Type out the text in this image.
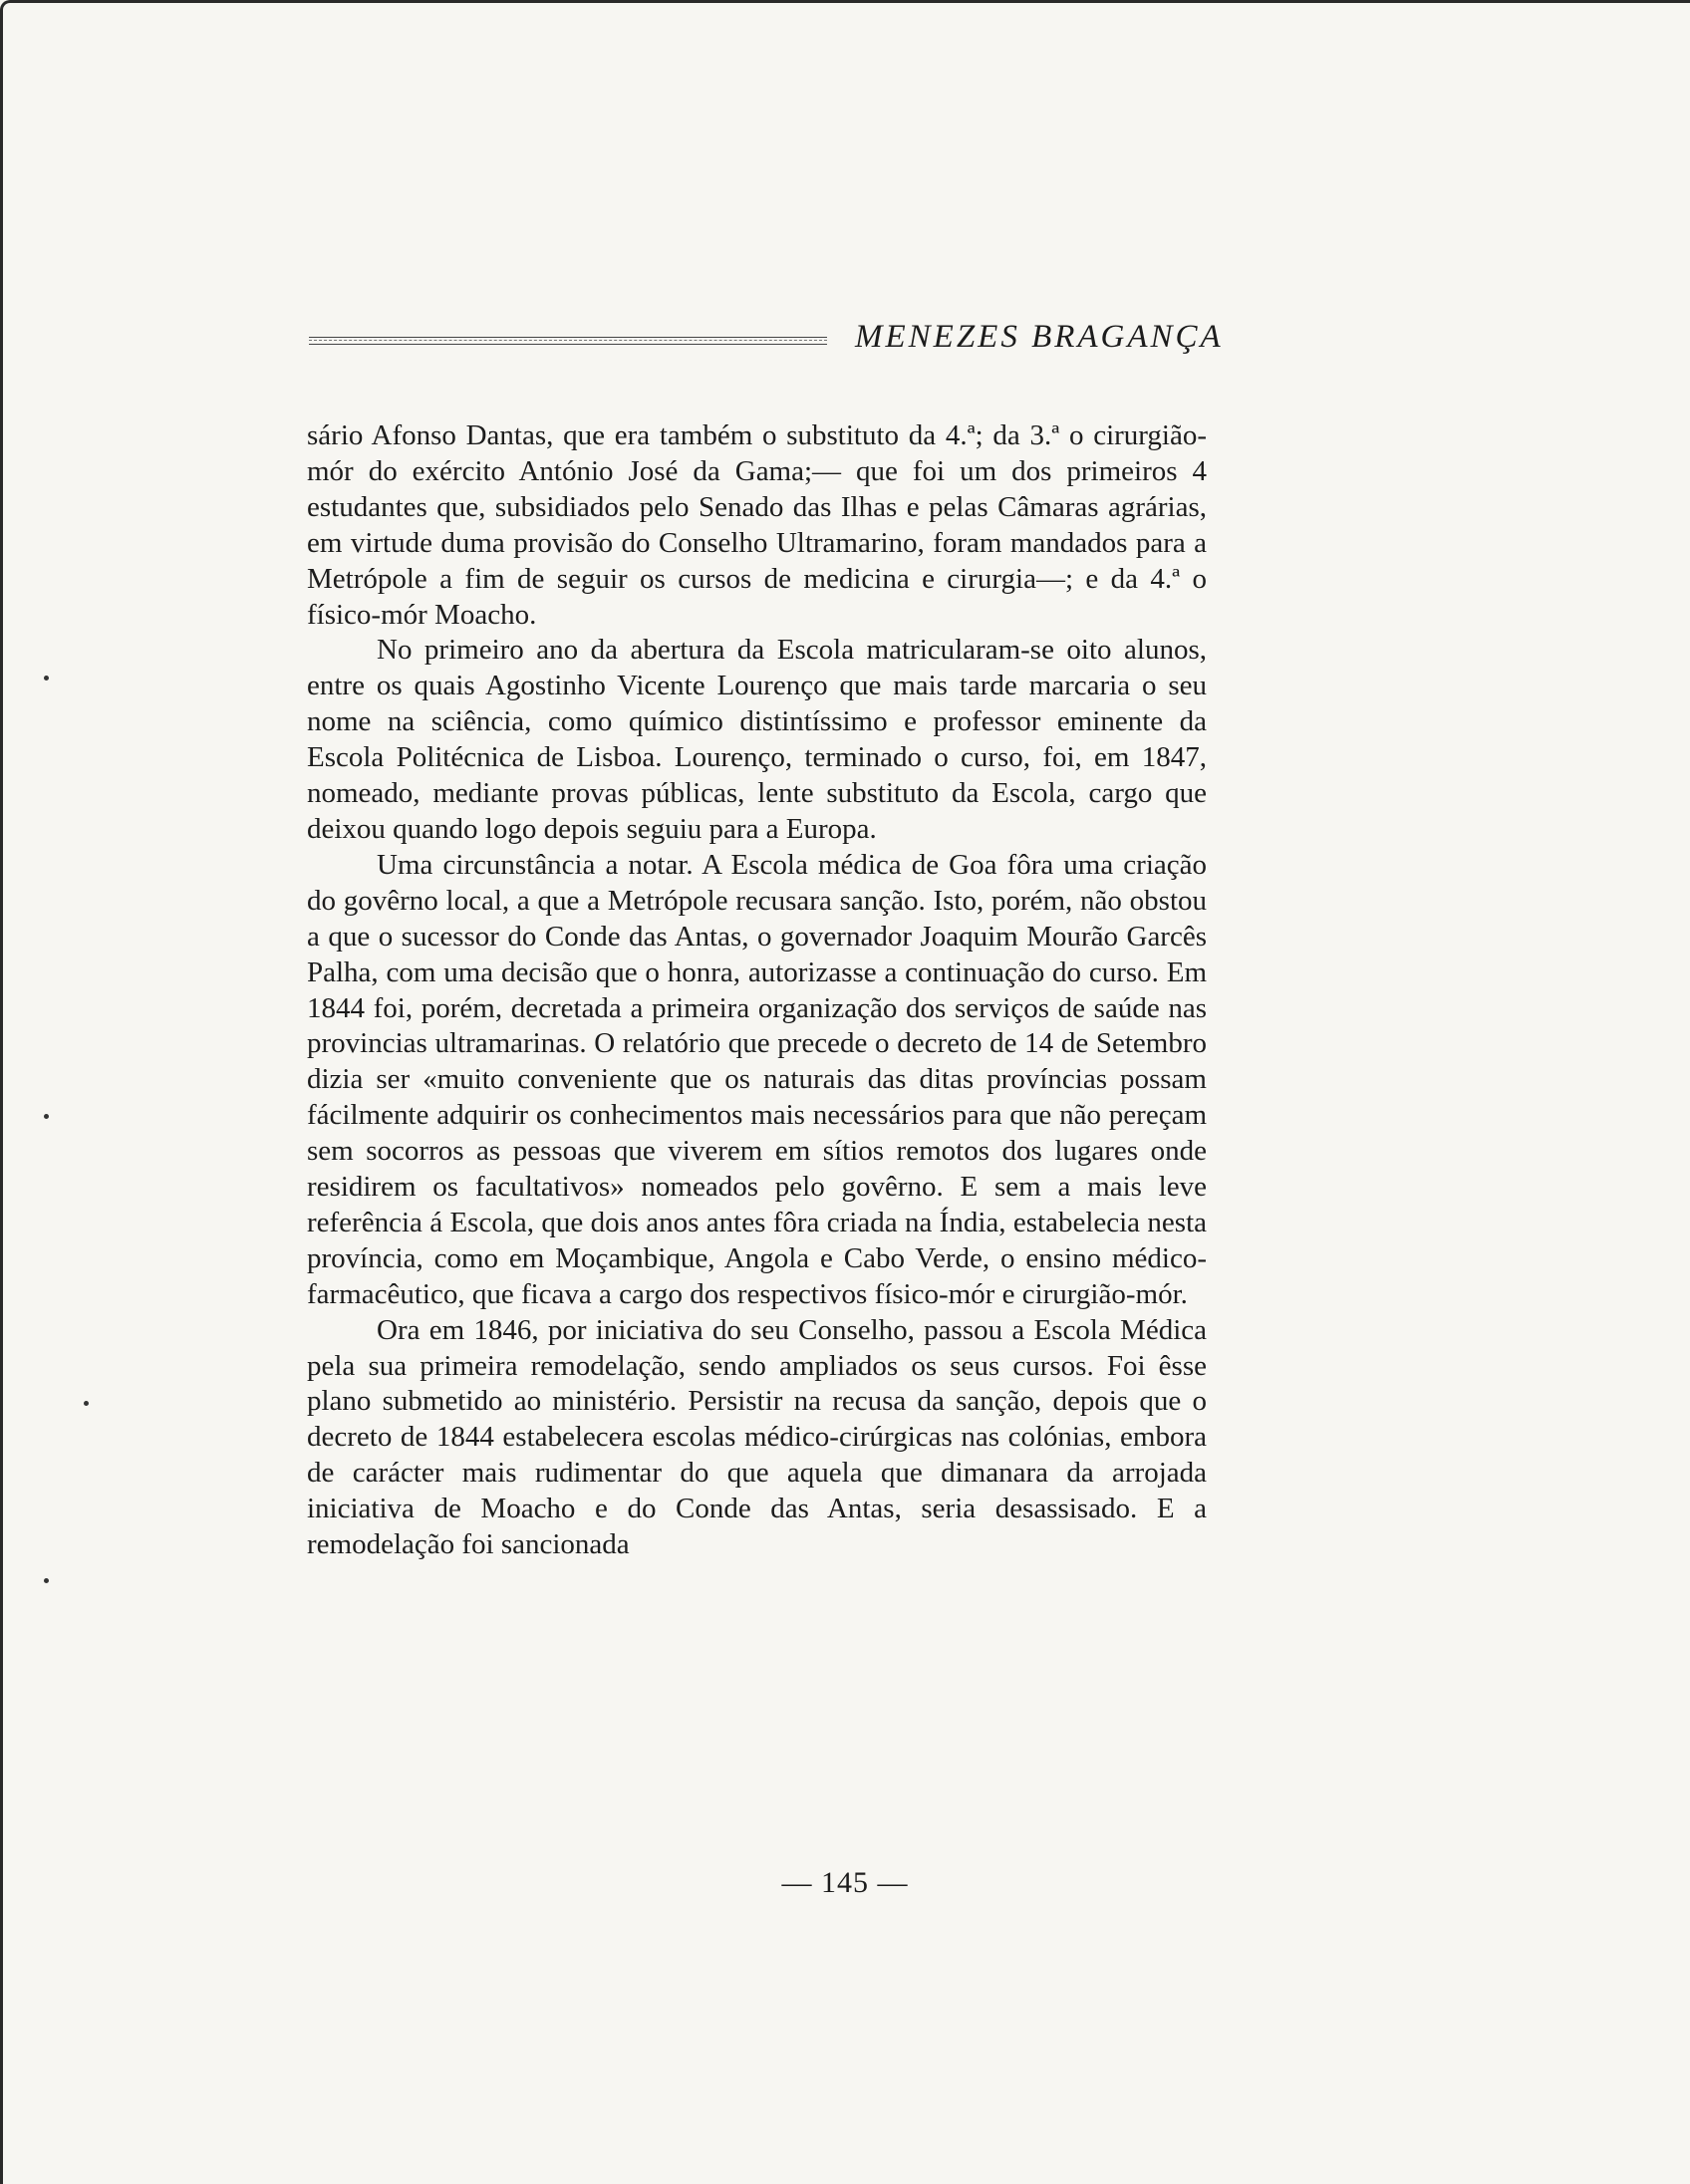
MENEZES BRAGANÇA

sário Afonso Dantas, que era também o substituto da 4.ª; da 3.ª o cirurgião-mór do exército António José da Gama;— que foi um dos primeiros 4 estudantes que, subsidiados pelo Senado das Ilhas e pelas Câmaras agrárias, em virtude duma provisão do Conselho Ultramarino, foram mandados para a Metrópole a fim de seguir os cursos de medicina e cirurgia—; e da 4.ª o físico-mór Moacho.

No primeiro ano da abertura da Escola matricularam-se oito alunos, entre os quais Agostinho Vicente Lourenço que mais tarde marcaria o seu nome na sciência, como químico distintíssimo e professor eminente da Escola Politécnica de Lisboa. Lourenço, terminado o curso, foi, em 1847, nomeado, mediante provas públicas, lente substituto da Escola, cargo que deixou quando logo depois seguiu para a Europa.

Uma circunstância a notar. A Escola médica de Goa fôra uma criação do govêrno local, a que a Metrópole recusara sanção. Isto, porém, não obstou a que o sucessor do Conde das Antas, o governador Joaquim Mourão Garcês Palha, com uma decisão que o honra, autorizasse a continuação do curso. Em 1844 foi, porém, decretada a primeira organização dos serviços de saúde nas provincias ultramarinas. O relatório que precede o decreto de 14 de Setembro dizia ser «muito conveniente que os naturais das ditas províncias possam fácilmente adquirir os conhecimentos mais necessários para que não pereçam sem socorros as pessoas que viverem em sítios remotos dos lugares onde residirem os facultativos» nomeados pelo govêrno. E sem a mais leve referência á Escola, que dois anos antes fôra criada na Índia, estabelecia nesta província, como em Moçambique, Angola e Cabo Verde, o ensino médico-farmacêutico, que ficava a cargo dos respectivos físico-mór e cirurgião-mór.

Ora em 1846, por iniciativa do seu Conselho, passou a Escola Médica pela sua primeira remodelação, sendo ampliados os seus cursos. Foi êsse plano submetido ao ministério. Persistir na recusa da sanção, depois que o decreto de 1844 estabelecera escolas médico-cirúrgicas nas colónias, embora de carácter mais rudimentar do que aquela que dimanara da arrojada iniciativa de Moacho e do Conde das Antas, seria desassisado. E a remodelação foi sancionada

— 145 —
